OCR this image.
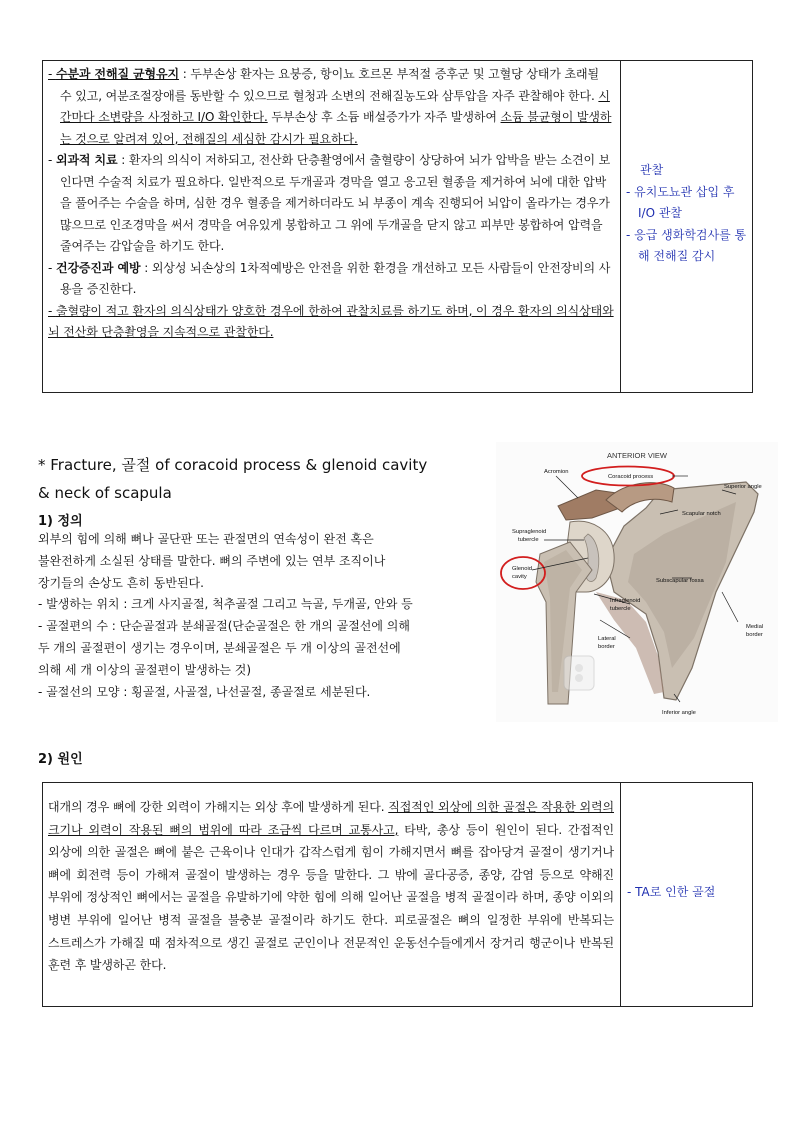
- 수분과 전해질 균형유지 : 두부손상 환자는 요붕증, 항이뇨 호르몬 부적절 증후군 및 고혈당 상태가 초래될 수 있고, 여분조절장애를 동반할 수 있으므로 혈청과 소변의 전해질농도와 삼투압을 자주 관찰해야 한다. 시간마다 소변량을 사정하고 I/O 확인한다. 두부손상 후 소듐 배설증가가 자주 발생하여 소듐 불균형이 발생하는 것으로 알려져 있어, 전해질의 세심한 감시가 필요하다.

- 외과적 치료 : 환자의 의식이 저하되고, 전산화 단층촬영에서 출혈량이 상당하여 뇌가 압박을 받는 소견이 보인다면 수술적 치료가 필요하다. 일반적으로 두개골과 경막을 열고 응고된 혈종을 제거하여 뇌에 대한 압박을 풀어주는 수술을 하며, 심한 경우 혈종을 제거하더라도 뇌 부종이 계속 진행되어 뇌압이 올라가는 경우가 많으므로 인조경막을 써서 경막을 여유있게 봉합하고 그 위에 두개골을 닫지 않고 피부만 봉합하여 압력을 줄여주는 감압술을 하기도 한다.

- 건강증진과 예방 : 외상성 뇌손상의 1차적예방은 안전을 위한 환경을 개선하고 모든 사람들이 안전장비의 사용을 증진한다.

- 출혈량이 적고 환자의 의식상태가 양호한 경우에 한하여 관찰치료를 하기도 하며, 이 경우 환자의 의식상태와 뇌 전산화 단층촬영을 지속적으로 관찰한다.

관찰

- 유치도뇨관 삽입 후 I/O 관찰

- 응급 생화학검사를 통해 전해질 감시

* Fracture, 골절 of coracoid process & glenoid cavity
& neck of scapula
1) 정의

외부의 힘에 의해 뼈나 골단판 또는 관절면의 연속성이 완전 혹은

불완전하게 소실된 상태를 말한다. 뼈의 주변에 있는 연부 조직이나

장기들의 손상도 흔히 동반된다.

- 발생하는 위치 : 크게 사지골절, 척추골절 그리고 늑골, 두개골, 안와 등

- 골절편의 수 : 단순골절과 분쇄골절(단순골절은 한 개의 골절선에 의해

두 개의 골절편이 생기는 경우이며, 분쇄골절은 두 개 이상의 골전선에

의해 세 개 이상의 골절편이 발생하는 것)

- 골절선의 모양 : 횡골절, 사골절, 나선골절, 종골절로 세분된다.

ANTERIOR VIEW
Acromion
Coracoid process
Superior angle
Scapular notch
Supraglenoid
tubercle
Glenoid
cavity
Subscapular fossa
Infraglenoid
tubercle
Lateral
border
Medial
border
Inferior angle
2) 원인
대개의 경우 뼈에 강한 외력이 가해지는 외상 후에 발생하게 된다. 직접적인 외상에 의한 골절은 작용한 외력의 크기나 외력이 작용된 뼈의 범위에 따라 조금씩 다르며 교통사고, 타박, 총상 등이 원인이 된다. 간접적인 외상에 의한 골절은 뼈에 붙은 근육이나 인대가 갑작스럽게 힘이 가해지면서 뼈를 잡아당겨 골절이 생기거나 뼈에 회전력 등이 가해져 골절이 발생하는 경우 등을 말한다. 그 밖에 골다공증, 종양, 감염 등으로 약해진 부위에 정상적인 뼈에서는 골절을 유발하기에 약한 힘에 의해 일어난 골절을 병적 골절이라 하며, 종양 이외의 병변 부위에 일어난 병적 골절을 불충분 골절이라 하기도 한다. 피로골절은 뼈의 일정한 부위에 반복되는 스트레스가 가해질 때 점차적으로 생긴 골절로 군인이나 전문적인 운동선수들에게서 장거리 행군이나 반복된 훈련 후 발생하곤 한다.
- TA로 인한 골절
